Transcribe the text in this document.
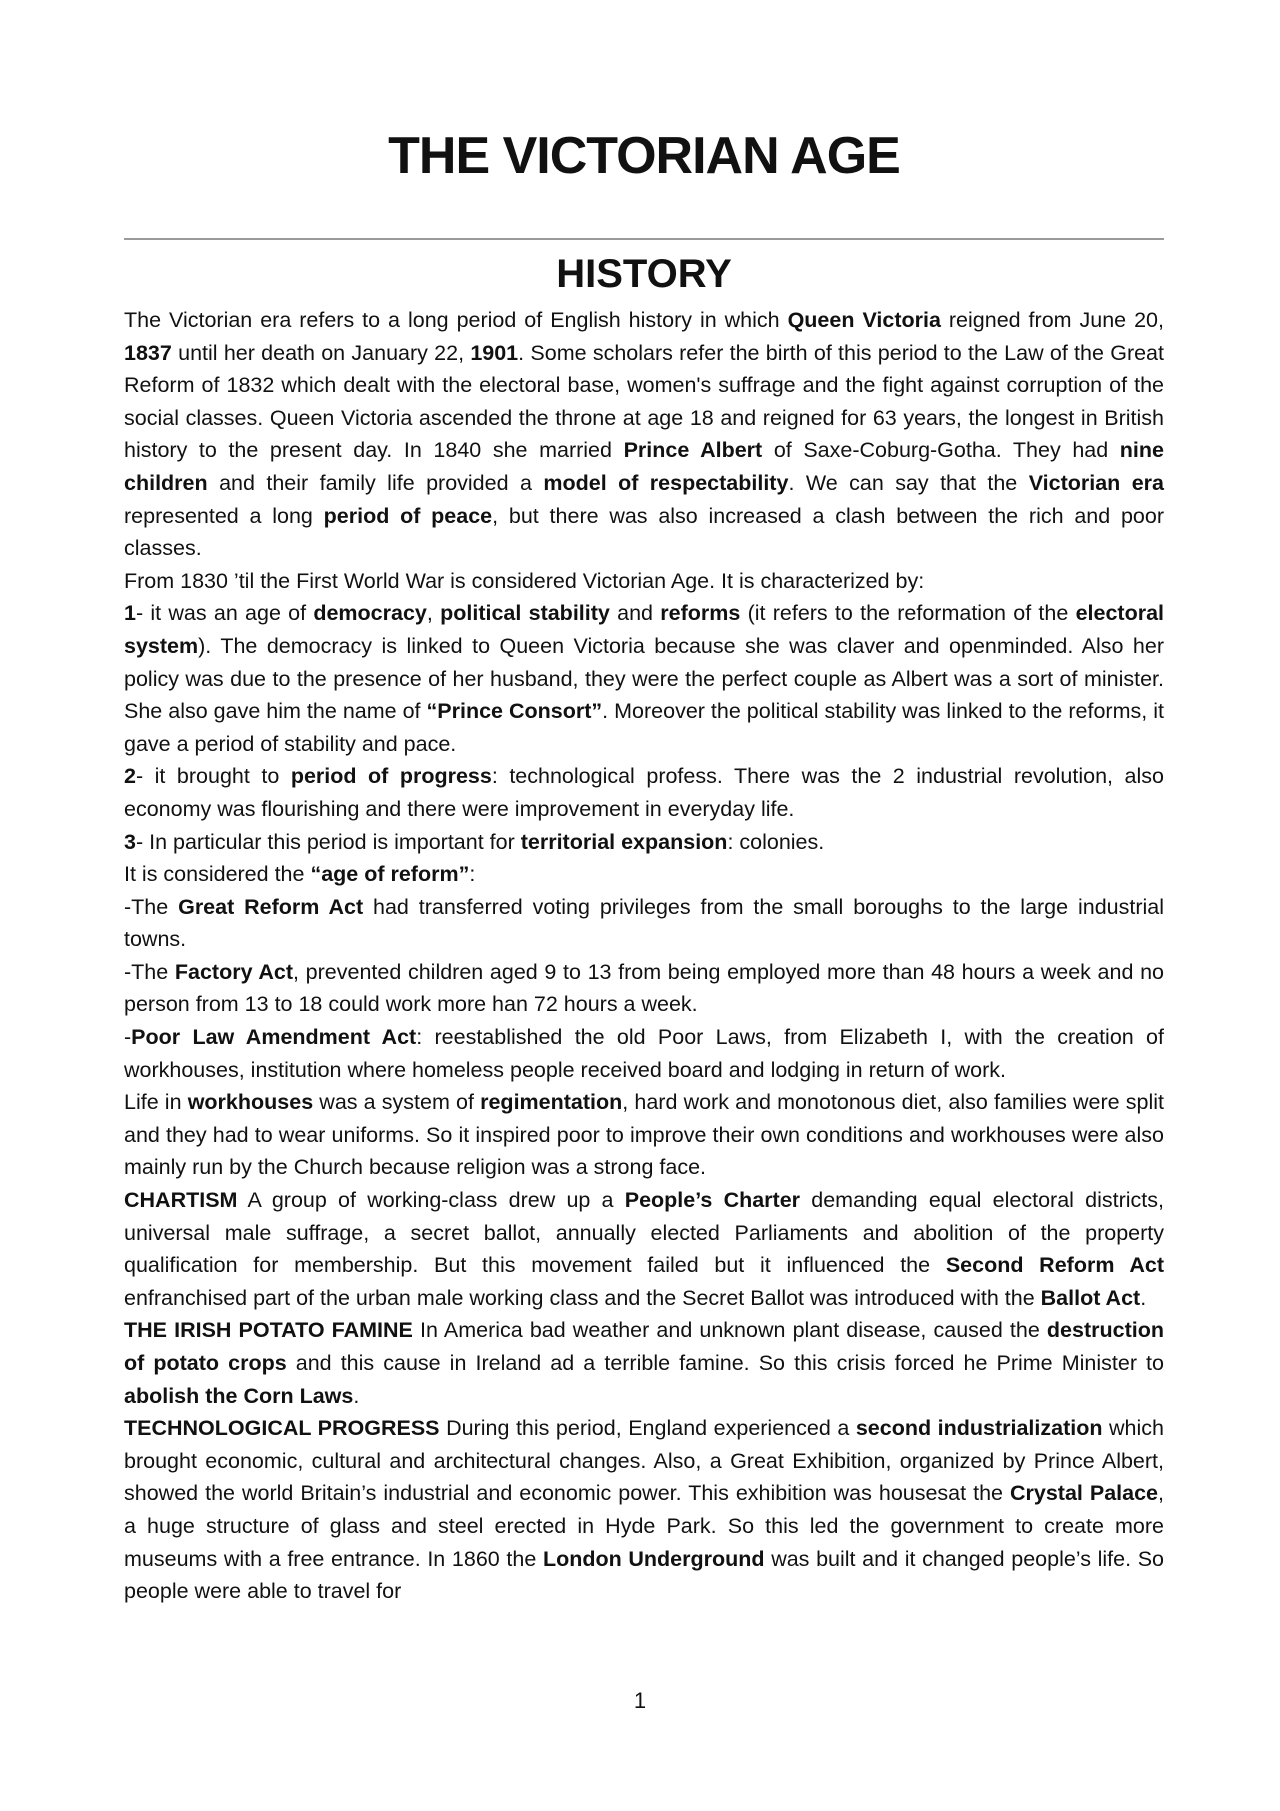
THE VICTORIAN AGE
HISTORY

The Victorian era refers to a long period of English history in which Queen Victoria reigned from June 20, 1837 until her death on January 22, 1901. Some scholars refer the birth of this period to the Law of the Great Reform of 1832 which dealt with the electoral base, women's suffrage and the fight against corruption of the social classes. Queen Victoria ascended the throne at age 18 and reigned for 63 years, the longest in British history to the present day. In 1840 she married Prince Albert of Saxe-Coburg-Gotha. They had nine children and their family life provided a model of respectability. We can say that the Victorian era represented a long period of peace, but there was also increased a clash between the rich and poor classes.

From 1830 ’til the First World War is considered Victorian Age. It is characterized by:

1- it was an age of democracy, political stability and reforms (it refers to the reformation of the electoral system). The democracy is linked to Queen Victoria because she was claver and openminded. Also her policy was due to the presence of her husband, they were the perfect couple as Albert was a sort of minister. She also gave him the name of “Prince Consort”. Moreover the political stability was linked to the reforms, it gave a period of stability and pace.

2- it brought to period of progress: technological profess. There was the 2 industrial revolution, also economy was flourishing and there were improvement in everyday life.

3- In particular this period is important for territorial expansion: colonies.

It is considered the “age of reform”:

-The Great Reform Act had transferred voting privileges from the small boroughs to the large industrial towns.

-The Factory Act, prevented children aged 9 to 13 from being employed more than 48 hours a week and no person from 13 to 18 could work more han 72 hours a week.

-Poor Law Amendment Act: reestablished the old Poor Laws, from Elizabeth I, with the creation of workhouses, institution where homeless people received board and lodging in return of work.

Life in workhouses was a system of regimentation, hard work and monotonous diet, also families were split and they had to wear uniforms. So it inspired poor to improve their own conditions and workhouses were also mainly run by the Church because religion was a strong face.

CHARTISM A group of working-class drew up a People’s Charter demanding equal electoral districts, universal male suffrage, a secret ballot, annually elected Parliaments and abolition of the property qualification for membership. But this movement failed but it influenced the Second Reform Act enfranchised part of the urban male working class and the Secret Ballot was introduced with the Ballot Act.

THE IRISH POTATO FAMINE In America bad weather and unknown plant disease, caused the destruction of potato crops and this cause in Ireland ad a terrible famine. So this crisis forced he Prime Minister to abolish the Corn Laws.

TECHNOLOGICAL PROGRESS During this period, England experienced a second industrialization which brought economic, cultural and architectural changes. Also, a Great Exhibition, organized by Prince Albert, showed the world Britain’s industrial and economic power. This exhibition was housesat the Crystal Palace, a huge structure of glass and steel erected in Hyde Park. So this led the government to create more museums with a free entrance. In 1860 the London Underground was built and it changed people’s life. So people were able to travel for

1
